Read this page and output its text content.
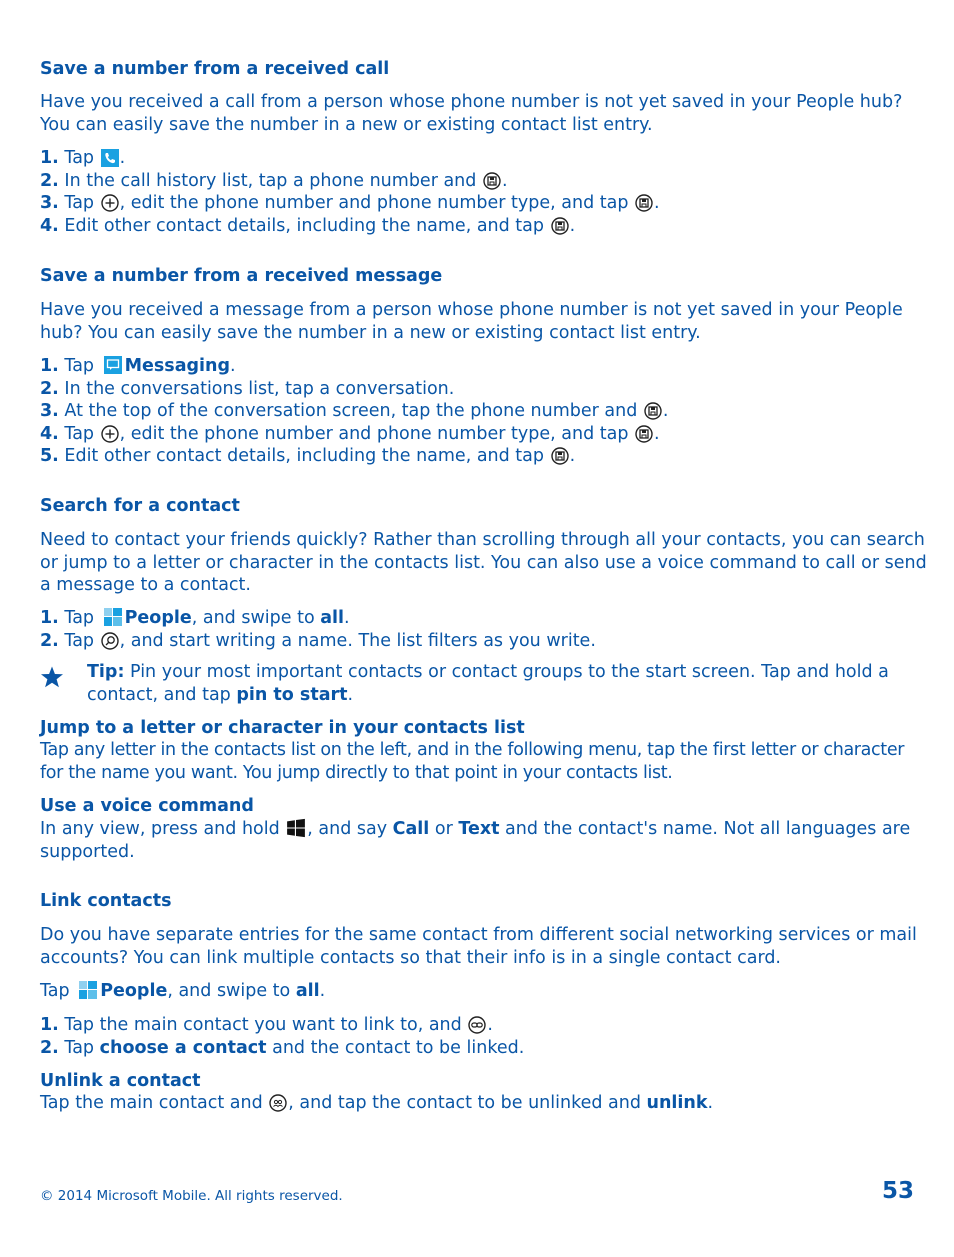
Save a number from a received call
Have you received a call from a person whose phone number is not yet saved in your People hub?
You can easily save the number in a new or existing contact list entry.
1. Tap .
2. In the call history list, tap a phone number and .
3. Tap , edit the phone number and phone number type, and tap .
4. Edit other contact details, including the name, and tap .
Save a number from a received message
Have you received a message from a person whose phone number is not yet saved in your People
hub? You can easily save the number in a new or existing contact list entry.
1. Tap Messaging.
2. In the conversations list, tap a conversation.
3. At the top of the conversation screen, tap the phone number and .
4. Tap , edit the phone number and phone number type, and tap .
5. Edit other contact details, including the name, and tap .
Search for a contact
Need to contact your friends quickly? Rather than scrolling through all your contacts, you can search
or jump to a letter or character in the contacts list. You can also use a voice command to call or send
a message to a contact.
1. Tap People, and swipe to all.
2. Tap , and start writing a name. The list filters as you write.
Tip: Pin your most important contacts or contact groups to the start screen. Tap and hold a
contact, and tap pin to start.
Jump to a letter or character in your contacts list
Tap any letter in the contacts list on the left, and in the following menu, tap the first letter or character
for the name you want. You jump directly to that point in your contacts list.
Use a voice command
In any view, press and hold , and say Call or Text and the contact's name. Not all languages are
supported.
Link contacts
Do you have separate entries for the same contact from different social networking services or mail
accounts? You can link multiple contacts so that their info is in a single contact card.
Tap People, and swipe to all.
1. Tap the main contact you want to link to, and .
2. Tap choose a contact and the contact to be linked.
Unlink a contact
Tap the main contact and , and tap the contact to be unlinked and unlink.
© 2014 Microsoft Mobile. All rights reserved.	53
